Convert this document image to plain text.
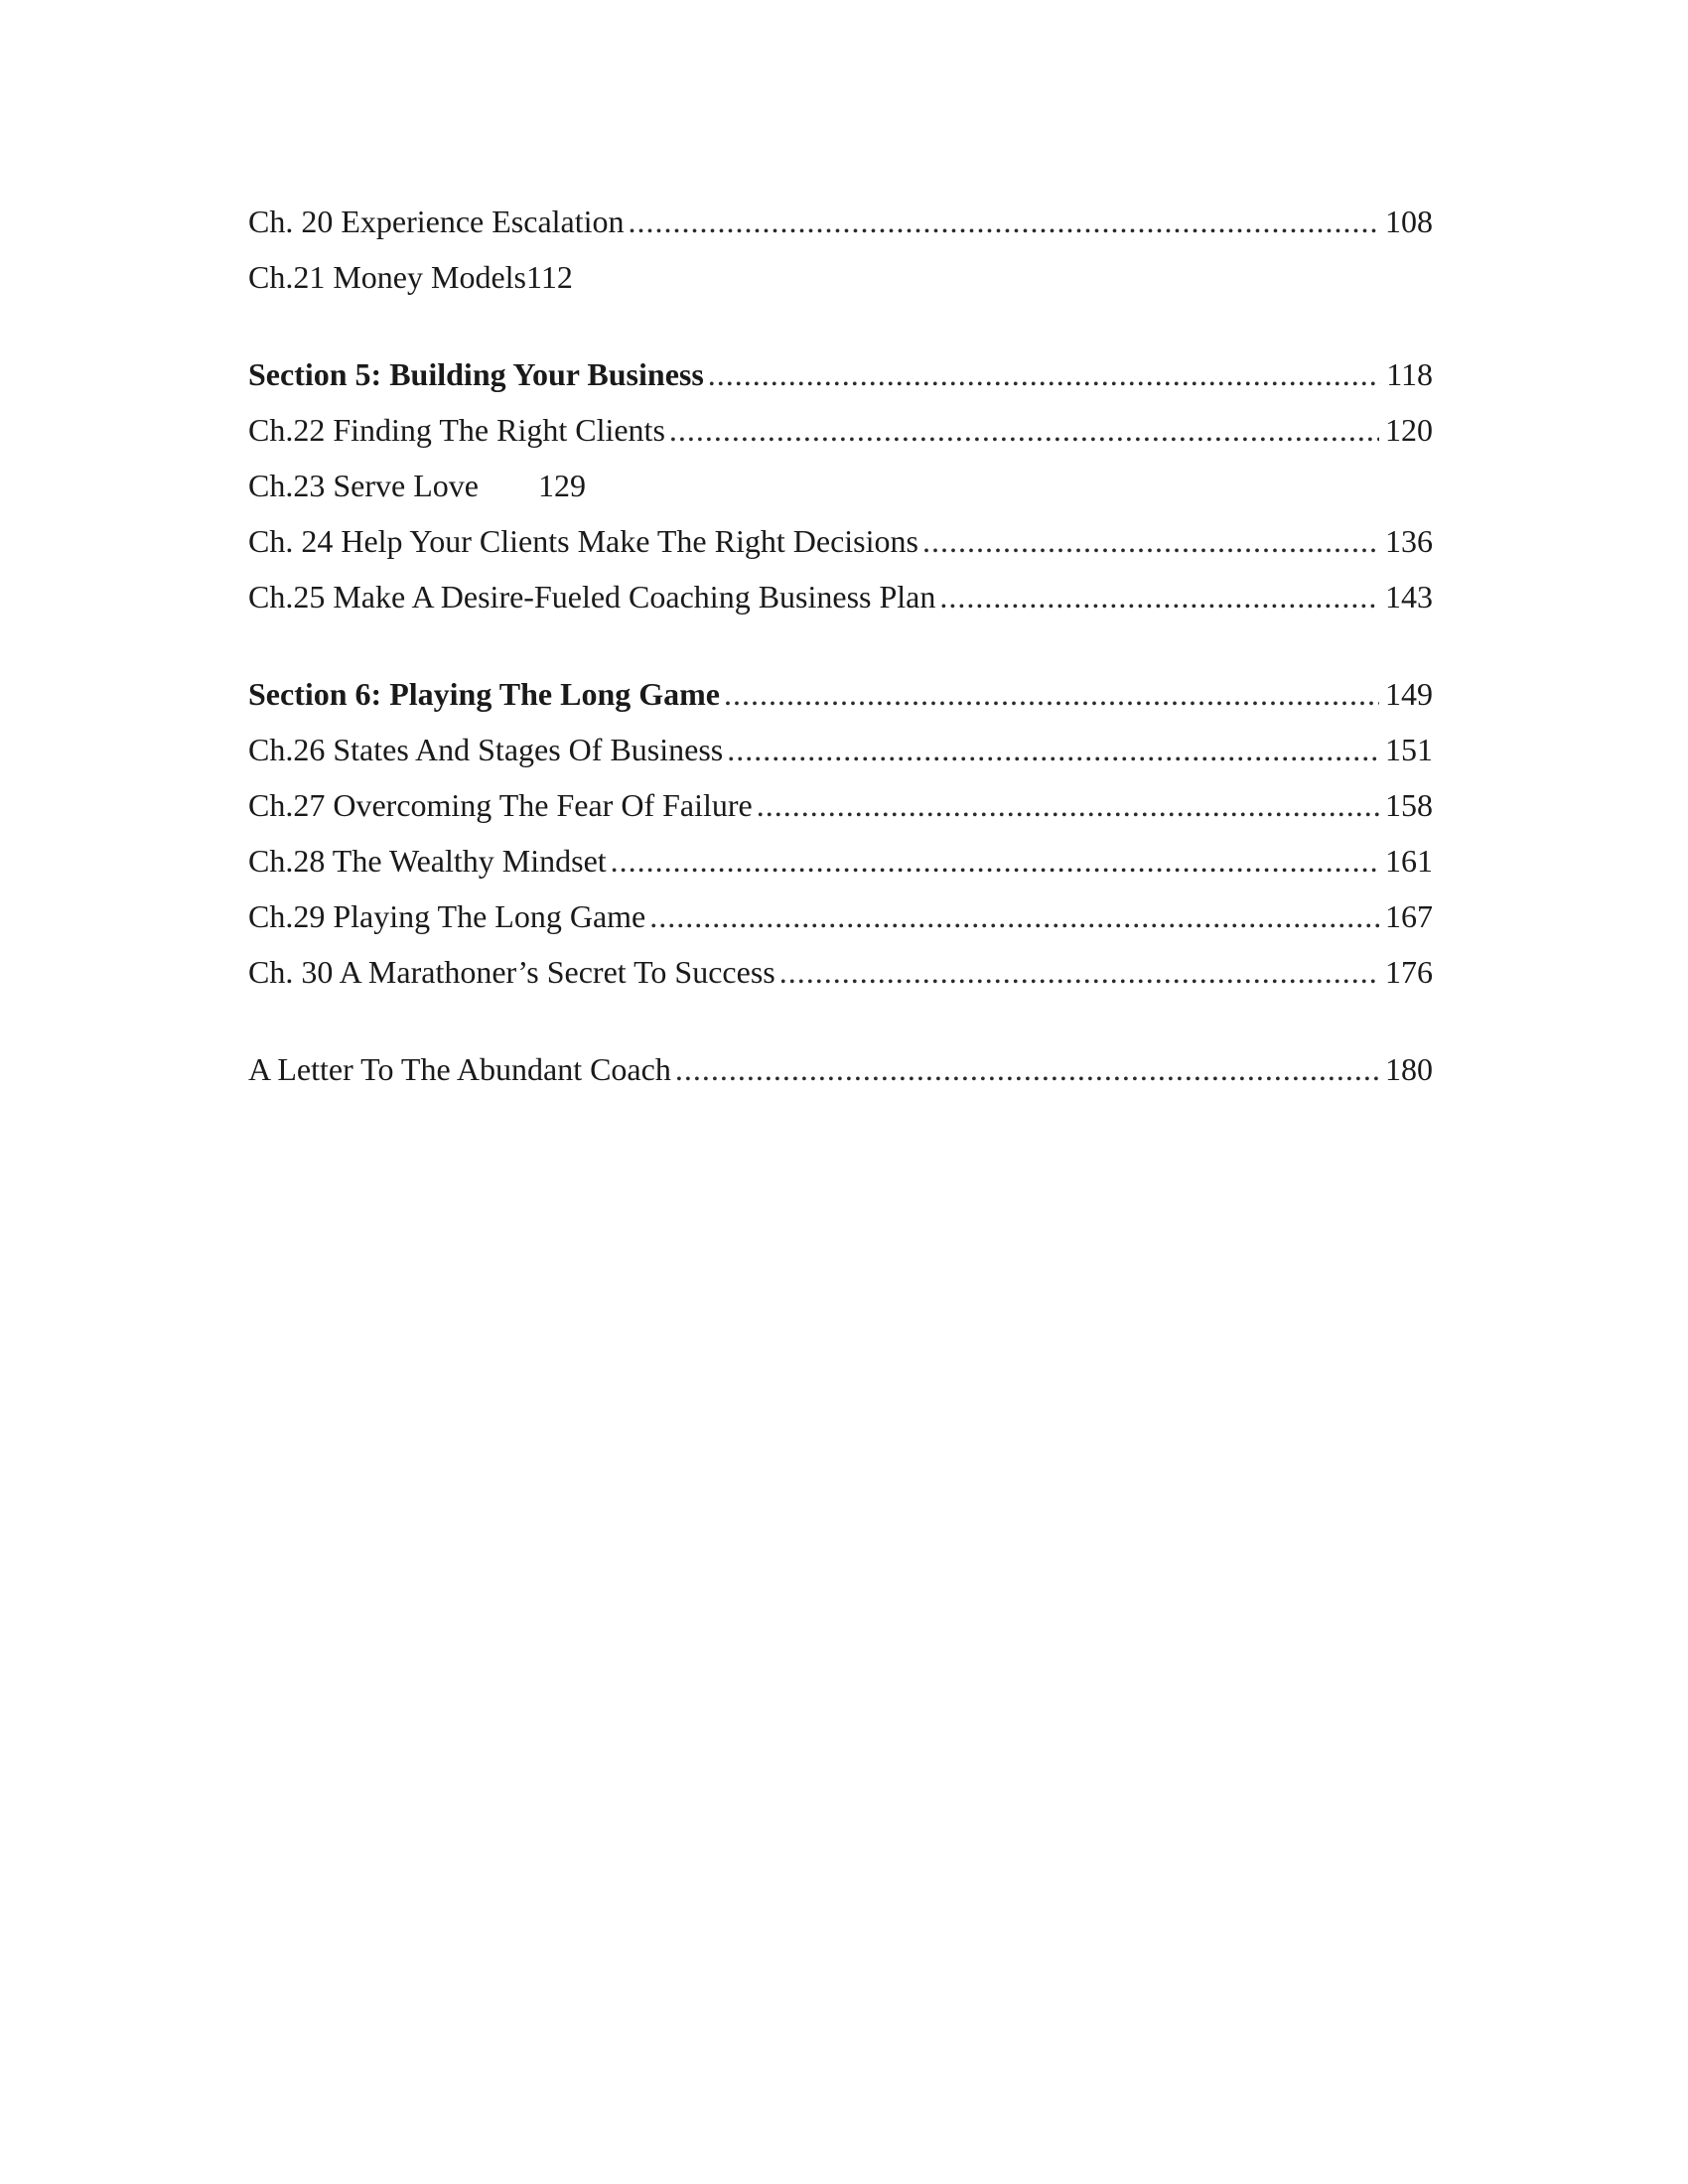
Ch. 20 Experience Escalation .....	108
Ch.21 Money Models 112
Section 5: Building Your Business .....	118
Ch.22 Finding The Right Clients .....	120
Ch.23 Serve Love 129
Ch. 24 Help Your Clients Make The Right Decisions .....	136
Ch.25 Make A Desire-Fueled Coaching Business Plan .....	143
Section 6: Playing The Long Game .....	149
Ch.26 States And Stages Of Business .....	151
Ch.27 Overcoming The Fear Of Failure .....	158
Ch.28 The Wealthy Mindset .....	161
Ch.29 Playing The Long Game .....	167
Ch. 30 A Marathoner’s Secret To Success .....	176
A Letter To The Abundant Coach .....	180
